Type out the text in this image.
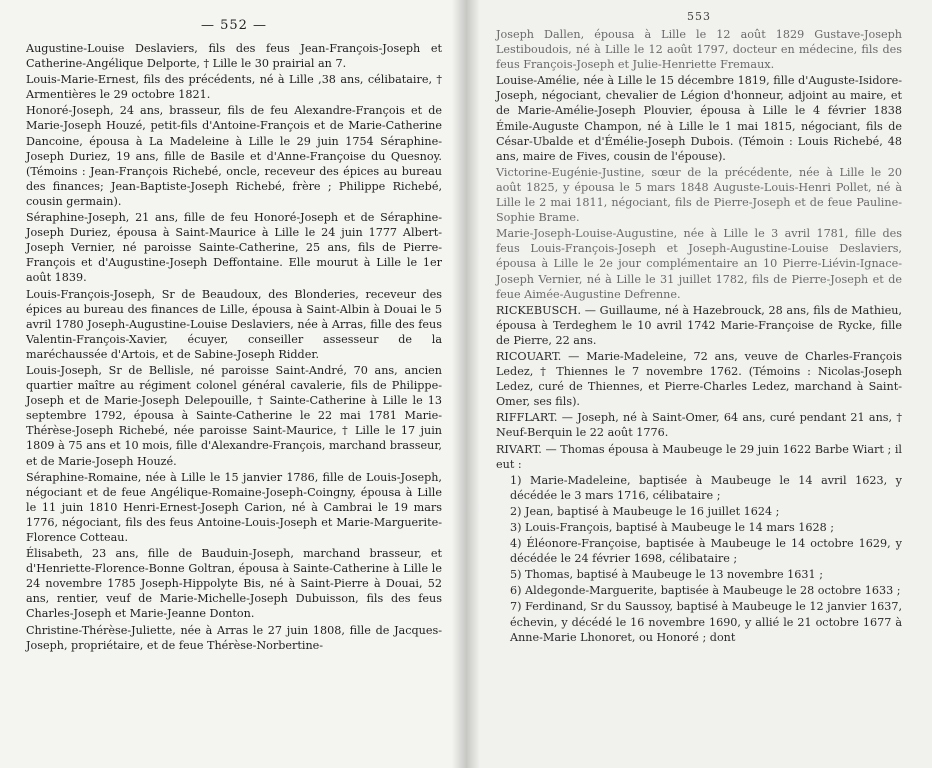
— 552 —

Augustine-Louise Deslaviers, fils des feus Jean-François-Joseph et Catherine-Angélique Delporte, † Lille le 30 prairial an 7.

Louis-Marie-Ernest, fils des précédents, né à Lille ,38 ans, célibataire, † Armentières le 29 octobre 1821.

Honoré-Joseph, 24 ans, brasseur, fils de feu Alexandre-François et de Marie-Joseph Houzé, petit-fils d'Antoine-François et de Marie-Catherine Dancoine, épousa à La Madeleine à Lille le 29 juin 1754 Séraphine-Joseph Duriez, 19 ans, fille de Basile et d'Anne-Françoise du Quesnoy. (Témoins : Jean-François Richebé, oncle, receveur des épices au bureau des finances; Jean-Baptiste-Joseph Richebé, frère ; Philippe Richebé, cousin germain).

Séraphine-Joseph, 21 ans, fille de feu Honoré-Joseph et de Séraphine-Joseph Duriez, épousa à Saint-Maurice à Lille le 24 juin 1777 Albert-Joseph Vernier, né paroisse Sainte-Catherine, 25 ans, fils de Pierre-François et d'Augustine-Joseph Deffontaine. Elle mourut à Lille le 1er août 1839.

Louis-François-Joseph, Sr de Beaudoux, des Blonderies, receveur des épices au bureau des finances de Lille, épousa à Saint-Albin à Douai le 5 avril 1780 Joseph-Augustine-Louise Deslaviers, née à Arras, fille des feus Valentin-François-Xavier, écuyer, conseiller assesseur de la maréchaussée d'Artois, et de Sabine-Joseph Ridder.

Louis-Joseph, Sr de Bellisle, né paroisse Saint-André, 70 ans, ancien quartier maître au régiment colonel général cavalerie, fils de Philippe-Joseph et de Marie-Joseph Delepouille, † Sainte-Catherine à Lille le 13 septembre 1792, épousa à Sainte-Catherine le 22 mai 1781 Marie-Thérèse-Joseph Richebé, née paroisse Saint-Maurice, † Lille le 17 juin 1809 à 75 ans et 10 mois, fille d'Alexandre-François, marchand brasseur, et de Marie-Joseph Houzé.

Séraphine-Romaine, née à Lille le 15 janvier 1786, fille de Louis-Joseph, négociant et de feue Angélique-Romaine-Joseph-Coingny, épousa à Lille le 11 juin 1810 Henri-Ernest-Joseph Carion, né à Cambrai le 19 mars 1776, négociant, fils des feus Antoine-Louis-Joseph et Marie-Marguerite-Florence Cotteau.

Élisabeth, 23 ans, fille de Bauduin-Joseph, marchand brasseur, et d'Henriette-Florence-Bonne Goltran, épousa à Sainte-Catherine à Lille le 24 novembre 1785 Joseph-Hippolyte Bis, né à Saint-Pierre à Douai, 52 ans, rentier, veuf de Marie-Michelle-Joseph Dubuisson, fils des feus Charles-Joseph et Marie-Jeanne Donton.

Christine-Thérèse-Juliette, née à Arras le 27 juin 1808, fille de Jacques-Joseph, propriétaire, et de feue Thérèse-Norbertine-

553

Joseph Dallen, épousa à Lille le 12 août 1829 Gustave-Joseph Lestiboudois, né à Lille le 12 août 1797, docteur en médecine, fils des feus François-Joseph et Julie-Henriette Fremaux.

Louise-Amélie, née à Lille le 15 décembre 1819, fille d'Auguste-Isidore-Joseph, négociant, chevalier de Légion d'honneur, adjoint au maire, et de Marie-Amélie-Joseph Plouvier, épousa à Lille le 4 février 1838 Émile-Auguste Champon, né à Lille le 1 mai 1815, négociant, fils de César-Ubalde et d'Émélie-Joseph Dubois. (Témoin : Louis Richebé, 48 ans, maire de Fives, cousin de l'épouse).

Victorine-Eugénie-Justine, sœur de la précédente, née à Lille le 20 août 1825, y épousa le 5 mars 1848 Auguste-Louis-Henri Pollet, né à Lille le 2 mai 1811, négociant, fils de Pierre-Joseph et de feue Pauline-Sophie Brame.

Marie-Joseph-Louise-Augustine, née à Lille le 3 avril 1781, fille des feus Louis-François-Joseph et Joseph-Augustine-Louise Deslaviers, épousa à Lille le 2e jour complémentaire an 10 Pierre-Liévin-Ignace-Joseph Vernier, né à Lille le 31 juillet 1782, fils de Pierre-Joseph et de feue Aimée-Augustine Defrenne.

RICKEBUSCH. — Guillaume, né à Hazebrouck, 28 ans, fils de Mathieu, épousa à Terdeghem le 10 avril 1742 Marie-Françoise de Rycke, fille de Pierre, 22 ans.

RICOUART. — Marie-Madeleine, 72 ans, veuve de Charles-François Ledez, † Thiennes le 7 novembre 1762. (Témoins : Nicolas-Joseph Ledez, curé de Thiennes, et Pierre-Charles Ledez, marchand à Saint-Omer, ses fils).

RIFFLART. — Joseph, né à Saint-Omer, 64 ans, curé pendant 21 ans, † Neuf-Berquin le 22 août 1776.

RIVART. — Thomas épousa à Maubeuge le 29 juin 1622 Barbe Wiart ; il eut :

1) Marie-Madeleine, baptisée à Maubeuge le 14 avril 1623, y décédée le 3 mars 1716, célibataire ;

2) Jean, baptisé à Maubeuge le 16 juillet 1624 ;

3) Louis-François, baptisé à Maubeuge le 14 mars 1628 ;

4) Éléonore-Françoise, baptisée à Maubeuge le 14 octobre 1629, y décédée le 24 février 1698, célibataire ;

5) Thomas, baptisé à Maubeuge le 13 novembre 1631 ;

6) Aldegonde-Marguerite, baptisée à Maubeuge le 28 octobre 1633 ;

7) Ferdinand, Sr du Saussoy, baptisé à Maubeuge le 12 janvier 1637, échevin, y décédé le 16 novembre 1690, y allié le 21 octobre 1677 à Anne-Marie Lhonoret, ou Honoré ; dont
